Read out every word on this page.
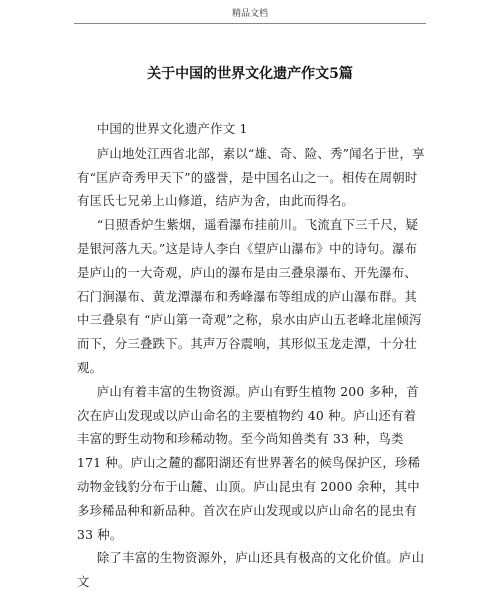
精品文档
关于中国的世界文化遗产作文5篇

中国的世界文化遗产作文 1

庐山地处江西省北部，素以“雄、奇、险、秀”闻名于世，享有“匡庐奇秀甲天下”的盛誉，是中国名山之一。相传在周朝时有匡氏七兄弟上山修道，结庐为舍，由此而得名。

“日照香炉生紫烟，遥看瀑布挂前川。飞流直下三千尺，疑是银河落九天。”这是诗人李白《望庐山瀑布》中的诗句。瀑布是庐山的一大奇观，庐山的瀑布是由三叠泉瀑布、开先瀑布、石门涧瀑布、黄龙潭瀑布和秀峰瀑布等组成的庐山瀑布群。其中三叠泉有 “庐山第一奇观”之称，泉水由庐山五老峰北崖倾泻而下，分三叠跌下。其声万谷震响，其形似玉龙走潭，十分壮观。

庐山有着丰富的生物资源。庐山有野生植物 200 多种，首次在庐山发现或以庐山命名的主要植物约 40 种。庐山还有着丰富的野生动物和珍稀动物。至今尚知兽类有 33 种，鸟类 171 种。庐山之麓的鄱阳湖还有世界著名的候鸟保护区，珍稀动物金钱豹分布于山麓、山顶。庐山昆虫有 2000 余种，其中多珍稀品种和新品种。首次在庐山发现或以庐山命名的昆虫有 33 种。

除了丰富的生物资源外，庐山还具有极高的文化价值。庐山文
